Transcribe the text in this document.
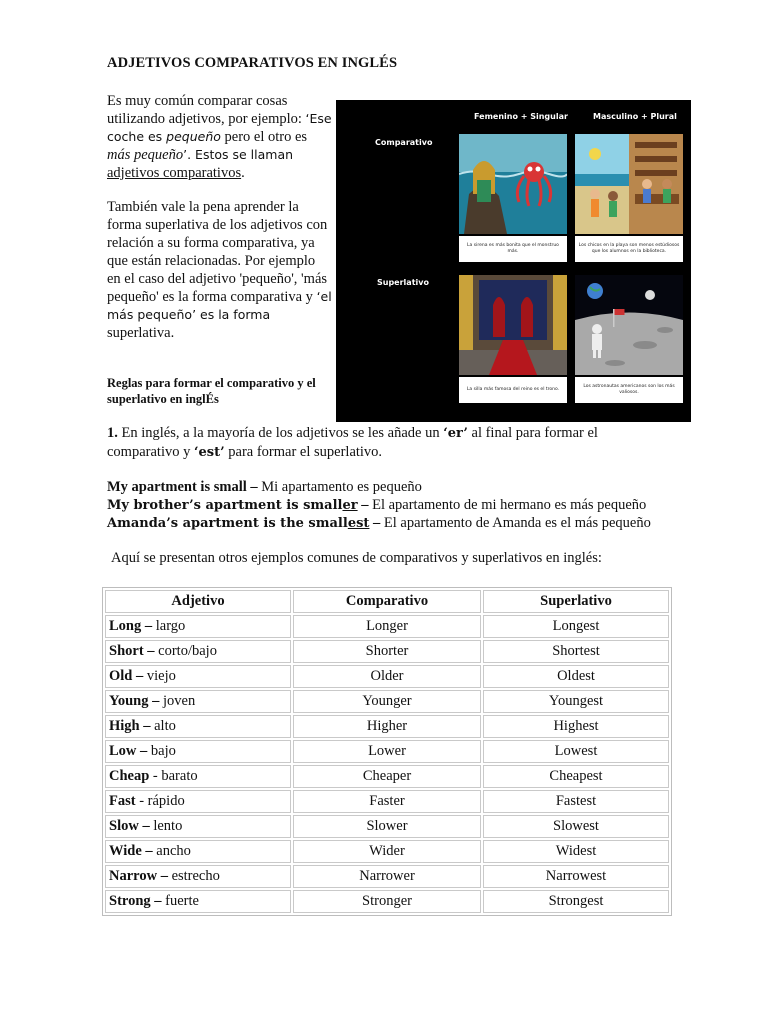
ADJETIVOS COMPARATIVOS EN INGLÉS
Es muy común comparar cosas utilizando adjetivos, por ejemplo: ‘Ese coche es pequeño pero el otro es más pequeño’. Estos se llaman adjetivos comparativos.
También vale la pena aprender la forma superlativa de los adjetivos con relación a su forma comparativa, ya que están relacionadas. Por ejemplo en el caso del adjetivo 'pequeño', 'más pequeño' es la forma comparativa y ‘el más pequeño’ es la forma superlativa.
Reglas para formar el comparativo y el superlativo en inglÉs
Femenino + Singular	Masculino + Plural
Comparativo
Superlativo
La sirena es más bonita que el monstruo más.
Los chicos en la playa son menos estúdiosos que los alumnos en la biblioteca.
La silla más famosa del reino es el trono.
Los astronautas americanos son los más valiosos.
1. En inglés, a la mayoría de los adjetivos se les añade un ‘er’ al final para formar el comparativo y ‘est’ para formar el superlativo.
My apartment is small – Mi apartamento es pequeño
My brother’s apartment is smaller – El apartamento de mi hermano es más pequeño
Amanda’s apartment is the smallest – El apartamento de Amanda es el más pequeño
Aquí se presentan otros ejemplos comunes de comparativos y superlativos en inglés:
Adjetivo	Comparativo	Superlativo
Long – largo	Longer	Longest
Short – corto/bajo	Shorter	Shortest
Old – viejo	Older	Oldest
Young – joven	Younger	Youngest
High – alto	Higher	Highest
Low – bajo	Lower	Lowest
Cheap - barato	Cheaper	Cheapest
Fast - rápido	Faster	Fastest
Slow – lento	Slower	Slowest
Wide – ancho	Wider	Widest
Narrow – estrecho	Narrower	Narrowest
Strong – fuerte	Stronger	Strongest
